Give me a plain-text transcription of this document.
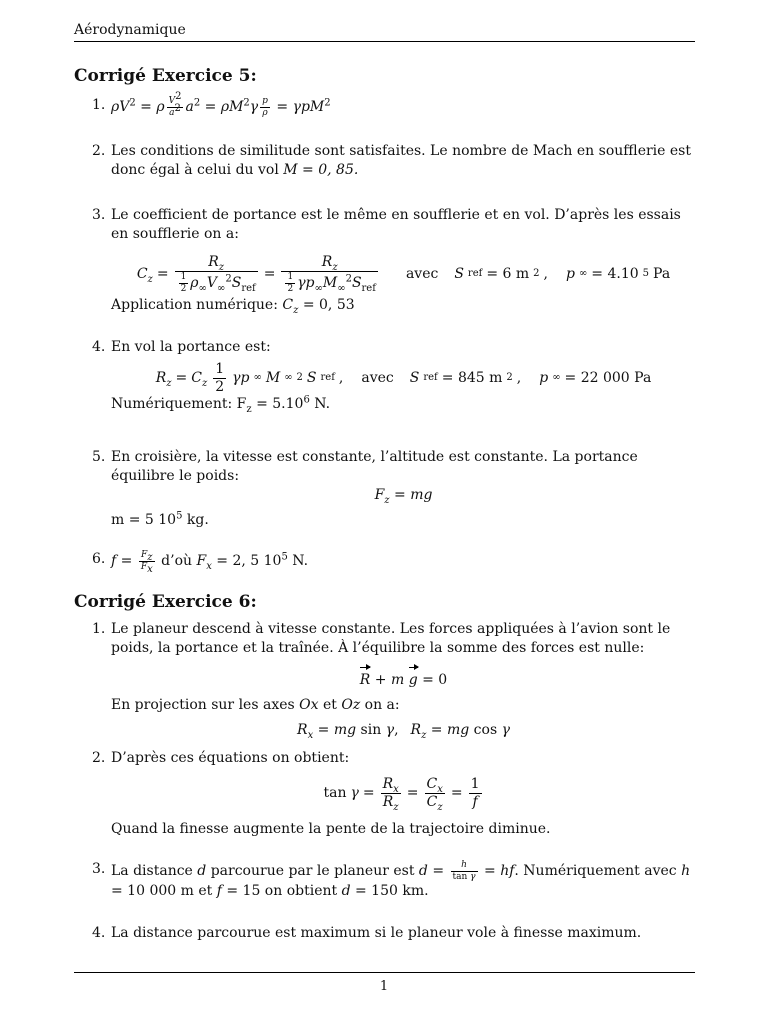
Aérodynamique
Corrigé Exercice 5:
1. $\rho V^2 = \rho \frac{V^2}{a^2} a^2 = \rho M^2\gamma \frac{p}{\rho} = \gamma pM^2$
2. Les conditions de similitude sont satisfaites. Le nombre de Mach en soufflerie est donc égal à celui du vol M = 0, 85.
3. Le coefficient de portance est le même en soufflerie et en vol. D’après les essais en soufflerie on a:

$C_z = \frac{R_z}{\frac{1}{2} \rho_\infty V_\infty^2S_{ref}} = \frac{R_z}{\frac{1}{2} \gamma p_\infty M_\infty^2S_{ref}}$ avec S ref = 6 m 2 , p ∞ = 4.10 5 Pa

Application numérique: $C_z = 0$, 53

4. En vol la portance est:

$R_z = C_z \frac{1}{2}$ γp ∞ M ∞ 2 S ref , avec S ref = 845 m 2 , p ∞ = 22 000 Pa

Numériquement: $F_z = 5.10^6$ N.

5. En croisière, la vitesse est constante, l’altitude est constante. La portance équilibre le poids:

$F_z$ = mg

m = 5 $10^5$ kg.

6. $f = \frac{F_z}{F_x}$ d’où $F_x = 2$, 5 $10^5$ N.
Corrigé Exercice 6:
1. Le planeur descend à vitesse constante. Les forces appliquées à l’avion sont le poids, la portance et la traînée. À l’équilibre la somme des forces est nulle:

R + m g = 0

En projection sur les axes Ox et Oz on a:

$R_x$ = mg sin γ, $R_z$ = mg cos γ

2. D’après ces équations on obtient:

$\tan \gamma = \frac{R_x}{R_z} = \frac{C_x}{C_z} = \frac{1}{f}$

Quand la finesse augmente la pente de la trajectoire diminue.

3. La distance d parcourue par le planeur est $d = \frac{h}{\text{tan γ}}$ = hf. Numériquement avec h = 10 000 m et f = 15 on obtient d = 150 km.
4. La distance parcourue est maximum si le planeur vole à finesse maximum.

1
